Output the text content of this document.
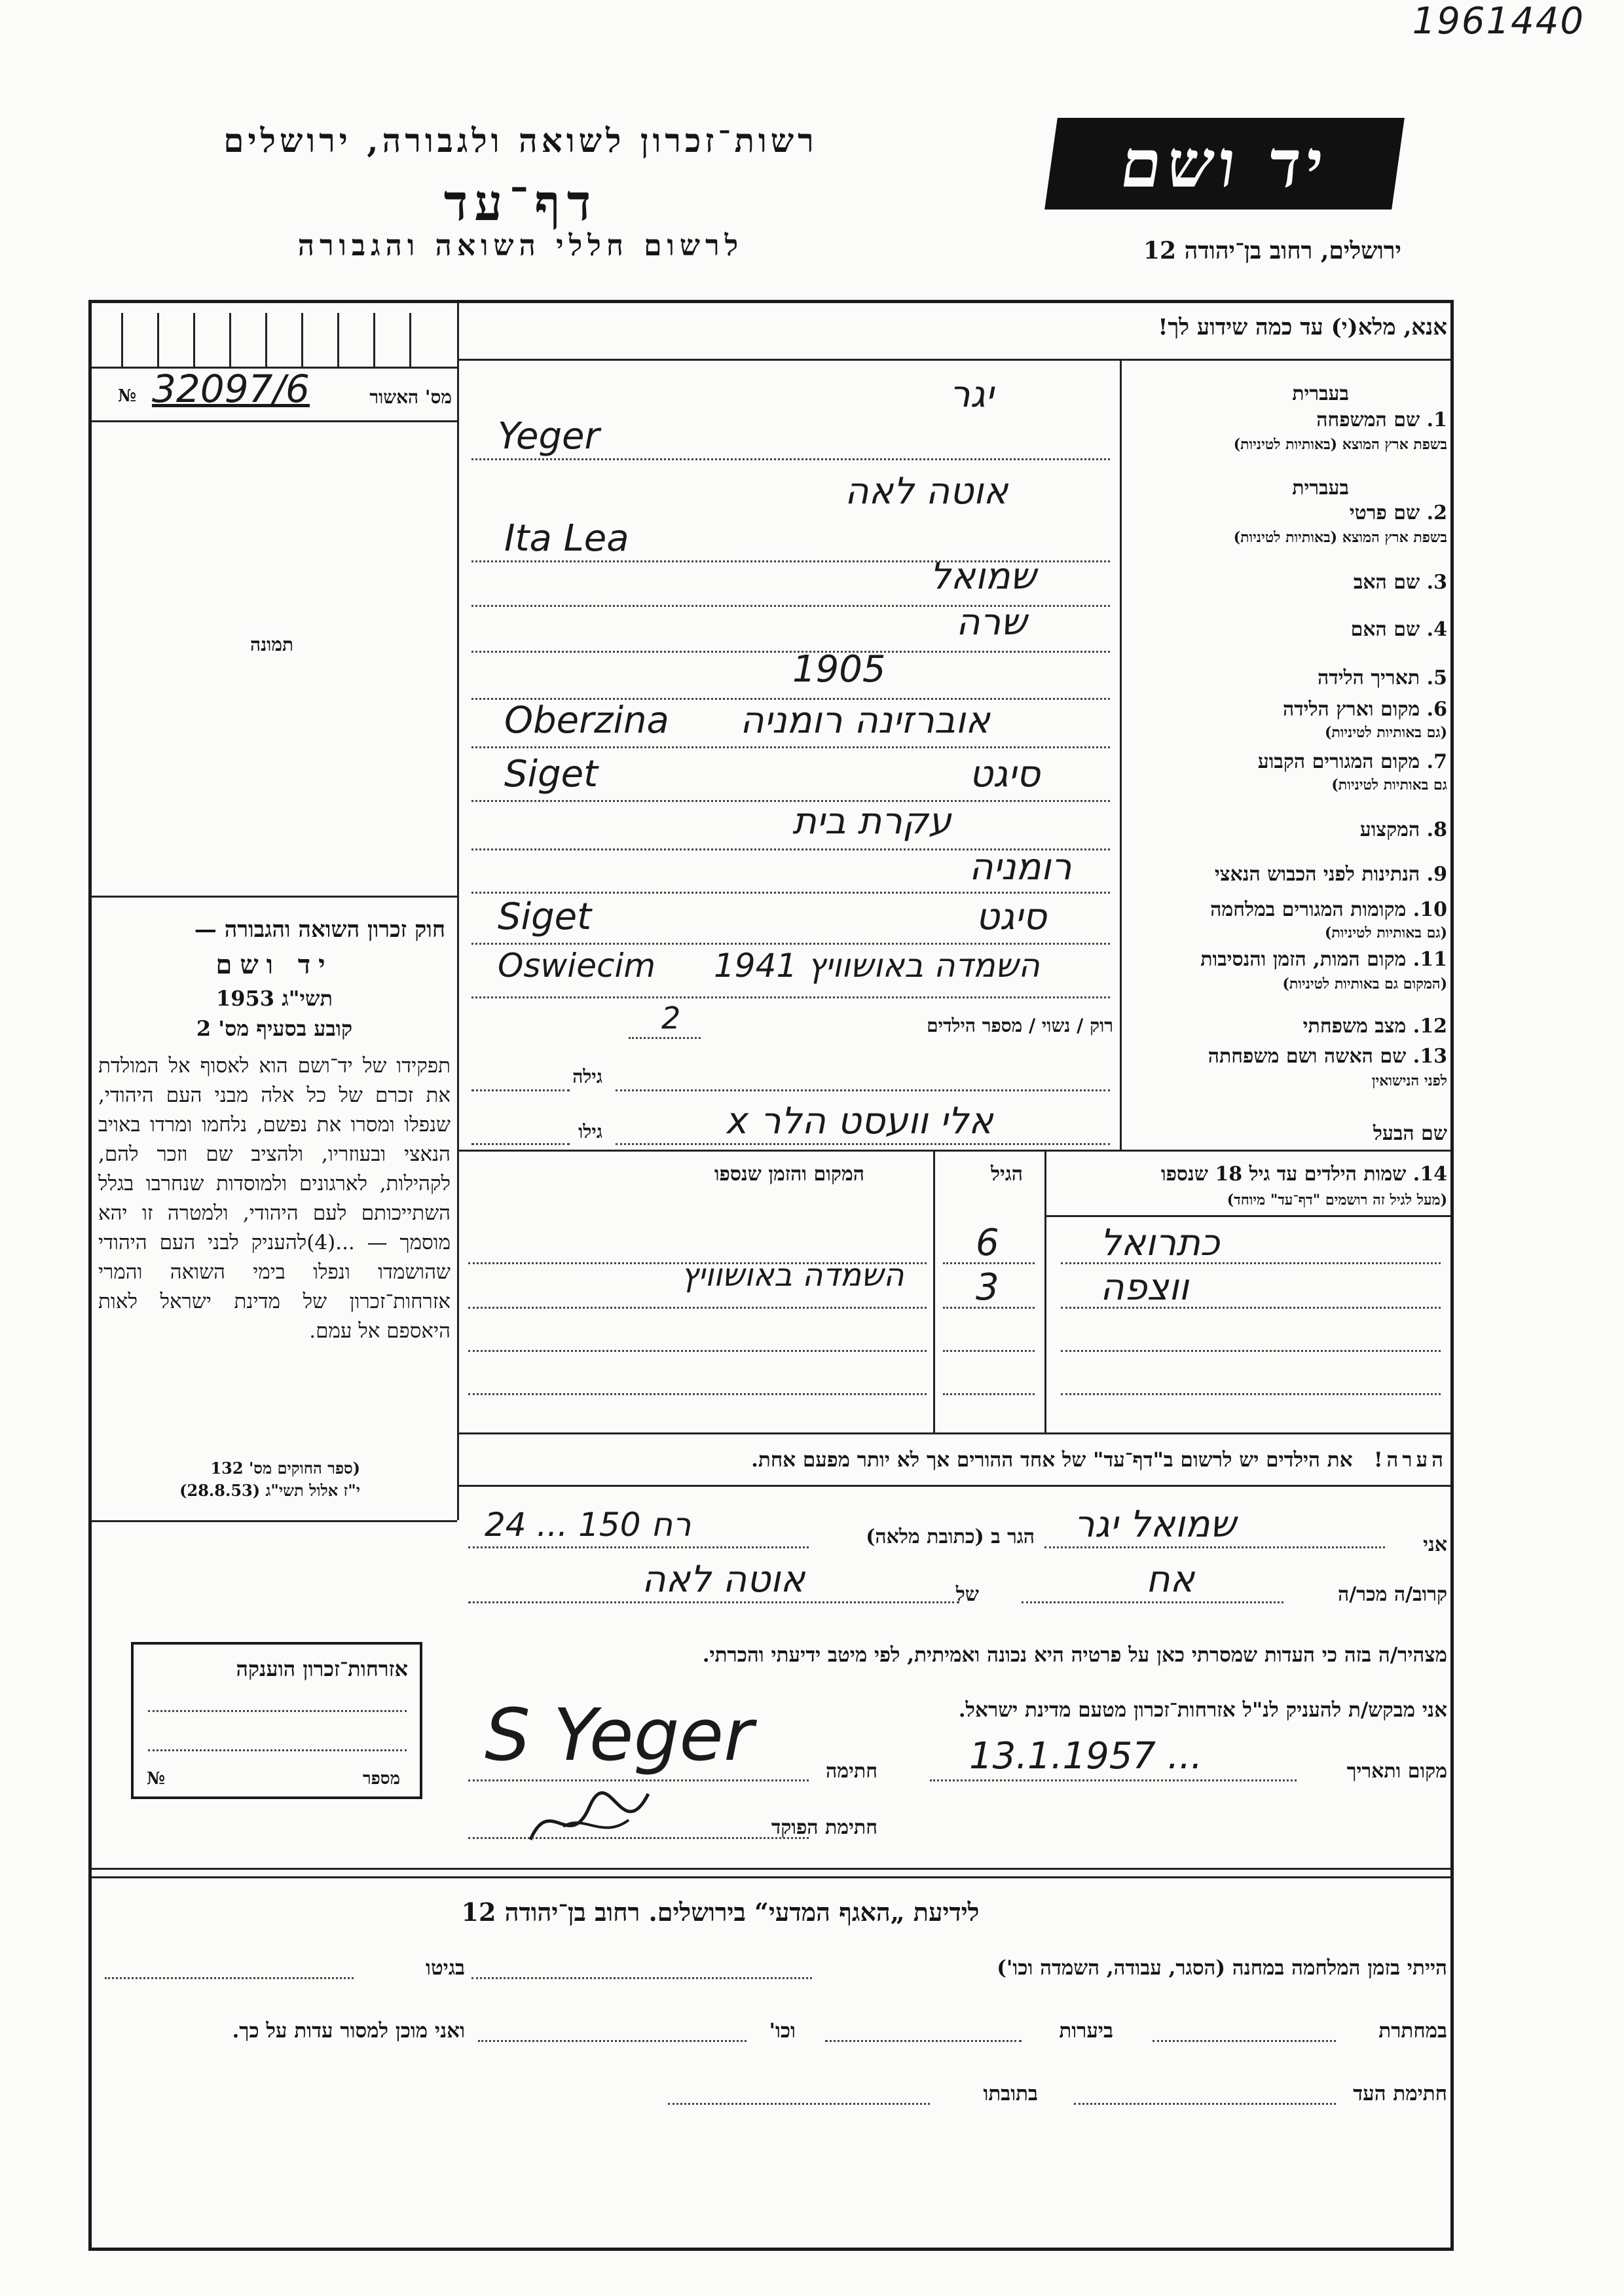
1961440
רשות־זכרון לשואה ולגבורה, ירושלים
דף־עד
לרשום חללי השואה והגבורה
יד ושם
ירושלים, רחוב בן־יהודה 12
אנא, מלא(י) עד כמה שידוע לך!
№ 32097/6	מס' האשור
תמונה
בעברית
1. שם המשפחה
בשפת ארץ המוצא (באותיות לטיניות)
יגר
Yeger
בעברית
2. שם פרטי
בשפת ארץ המוצא (באותיות לטיניות)
אוטה לאה
Ita Lea
3. שם האב
שמואל
4. שם האם
שרה
5. תאריך הלידה
1905
6. מקום וארץ הלידה
(גם באותיות לטיניות)
אוברזינה רומניה
Oberzina
7. מקום המגורים הקבוע
גם באותיות לטיניות)
סיגט
Siget
8. המקצוע
עקרת בית
9. הנתינות לפני הכבוש הנאצי
רומניה
10. מקומות המגורים במלחמה
(גם באותיות לטיניות)
סיגט
Siget
11. מקום המות, הזמן והנסיבות
(המקום גם באותיות לטיניות)
השמדה באושוויץ 1941
Oswiecim
12. מצב משפחתי
רוק / נשוי / מספר הילדים
2
13. שם האשה ושם משפחתה
לפני הנישואין
גילה
שם הבעל
גילו	אלי וועסט הלר x
14. שמות הילדים עד גיל 18 שנספו
(מעל לגיל זה רושמים "דף־עד" מיוחד)
הגיל
המקום והזמן שנספו
כתרואל
6
ווצפה
3
השמדה באושוויץ
הערה!   את הילדים יש לרשום ב"דף־עד" של אחד ההורים אך לא יותר מפעם אחת.
חוק זכרון השואה והגבורה —
יד ושם
תשי"ג 1953
קובע בסעיף מס' 2
תפקידו של יד־ושם הוא לאסוף אל המולדת את זכרם של כל אלה מבני העם היהודי, שנפלו ומסרו את נפשם, נלחמו ומרדו באויב הנאצי ובעוזריו, ולהציב שם וזכר להם, לקהילות, לארגונים ולמוסדות שנחרבו בגלל השתייכותם לעם היהודי, ולמטרה זו יהא מוסמך — ...(4)להעניק לבני העם היהודי שהושמדו ונפלו בימי השואה והמרי אזרחות־זכרון של מדינת ישראל לאות היאספם אל עמם.
(ספר החוקים מס' 132
י"ז אלול תשי"ג (28.8.53)
אזרחות־זכרון הוענקה
מספר
№
אני
שמואל יגר
הגר ב (כתובת מלאה)
24 ... רח 150
קרוב/ה מכר/ה
אח
של
אוטה לאה
מצהיר/ה בזה כי העדות שמסרתי כאן על פרטיה היא נכונה ואמיתית, לפי מיטב ידיעתי והכרתי.
אני מבקש/ת להעניק לנ"ל אזרחות־זכרון מטעם מדינת ישראל.
מקום ותאריך
13.1.1957 ...
חתימה
S Yeger
חתימת הפוקד
לידיעת „האגף המדעי“ בירושלים. רחוב בן־יהודה 12
הייתי בזמן המלחמה במחנה (הסגר, עבודה, השמדה וכו')
בגיטו
במחתרת
ביערות
וכו'
ואני מוכן למסור עדות על כך.
חתימת העד
בתובתו
